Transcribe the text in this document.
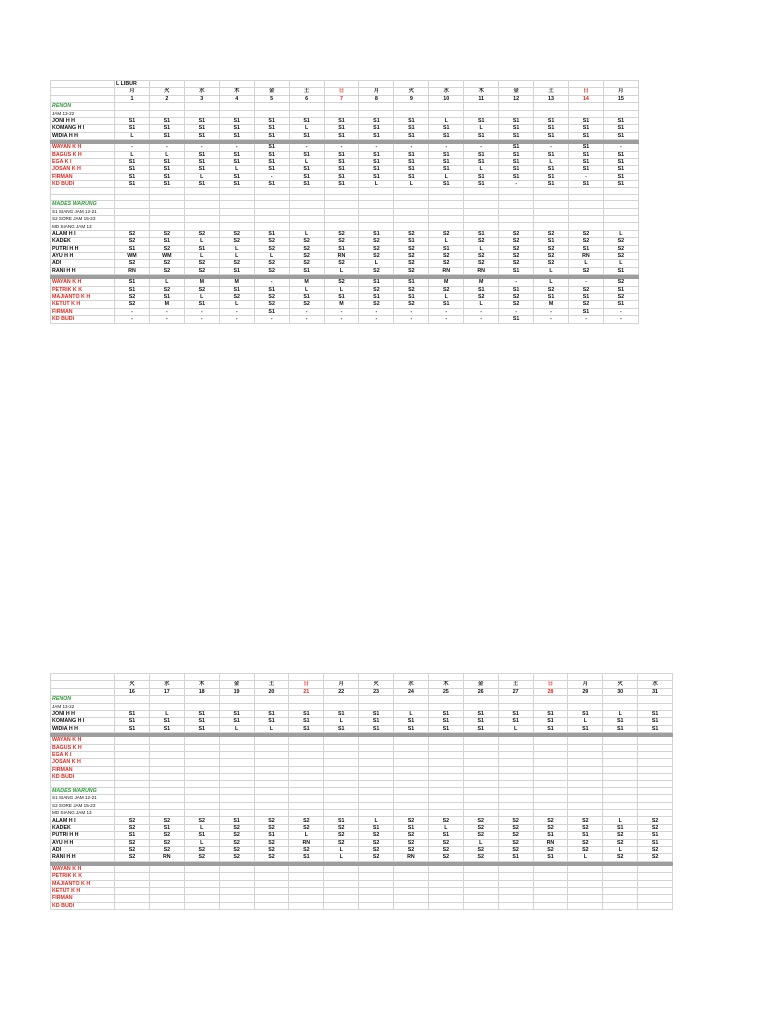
	L LIBUR														
	月	火	水	木	金	土	日	月	火	水	木	金	土	日	月
	1	2	3	4	5	6	7	8	9	10	11	12	13	14	15
RENON															
JAM 13-22															
JONI H H	S1	S1	S1	S1	S1	S1	S1	S1	S1	L	S1	S1	S1	S1	S1
KOMANG H I	S1	S1	S1	S1	S1	L	S1	S1	S1	S1	L	S1	S1	S1	S1
WIDIA H H	L	S1	S1	S1	S1	S1	S1	S1	S1	S1	S1	S1	S1	S1	S1

WAYAN K H	-	-	-	-	S1	-	-	-	-	-	-	S1	-	S1	-
BAGUS K H	L	L	S1	S1	S1	S1	S1	S1	S1	S1	S1	S1	S1	S1	S1
EGA K I	S1	S1	S1	S1	S1	L	S1	S1	S1	S1	S1	S1	L	S1	S1
JOSAN K H	S1	S1	S1	L	S1	S1	S1	S1	S1	S1	L	S1	S1	S1	S1
FIRMAN	S1	S1	L	S1	-	S1	S1	S1	S1	L	S1	S1	S1	-	S1
KD BUDI	S1	S1	S1	S1	S1	S1	S1	L	L	S1	S1	-	S1	S1	S1

MADES WARUNG															
S1 SIANG JAM 12-21															
S2 SORE JAM 15-23															
MD SIANG JAM 13															
ALAM H I	S2	S2	S2	S2	S1	L	S2	S1	S2	S2	S1	S2	S2	S2	L
KADEK	S2	S1	L	S2	S2	S2	S2	S2	S1	L	S2	S2	S1	S2	S2
PUTRI H H	S1	S2	S1	L	S2	S2	S1	S2	S2	S1	L	S2	S2	S1	S2
AYU H H	WM	WM	L	L	L	S2	RN	S2	S2	S2	S2	S2	S2	RN	S2
ADI	S2	S2	S2	S2	S2	S2	S2	L	S2	S2	S2	S2	S2	L	L
RANI H H	RN	S2	S2	S1	S2	S1	L	S2	S2	RN	RN	S1	L	S2	S1

WAYAN K H	S1	L	M	M	-	M	S2	S1	S1	M	M	-	L	-	S2
PETRIK K K	S1	S2	S2	S1	S1	L	L	S2	S2	S2	S1	S1	S2	S2	S1
MAJIANTO K H	S2	S1	L	S2	S2	S1	S1	S1	S1	L	S2	S2	S1	S1	S2
KETUT K H	S2	M	S1	L	S2	S2	M	S2	S2	S1	L	S2	M	S2	S1
FIRMAN	-	-	-	-	S1	-	-	-	-	-	-	-	-	S1	-
KD BUDI	-	-	-	-	-	-	-	-	-	-	-	S1	-	-	-

	火	水	木	金	土	日	月	火	水	木	金	土	日	月	火	水
	16	17	18	19	20	21	22	23	24	25	26	27	28	29	30	31
RENON																
JAM 13-22																
JONI H H	S1	L	S1	S1	S1	S1	S1	S1	L	S1	S1	S1	S1	S1	L	S1
KOMANG H I	S1	S1	S1	S1	S1	S1	L	S1	S1	S1	S1	S1	S1	L	S1	S1
WIDIA H H	S1	S1	S1	L	L	S1	S1	S1	S1	S1	S1	L	S1	S1	S1	S1

WAYAN K H																
BAGUS K H																
EGA K I																
JOSAN K H																
FIRMAN																
KD BUDI																

MADES WARUNG																
S1 SIANG JAM 12-21																
S2 SORE JAM 15-23																
MD SIANG JAM 13																
ALAM H I	S2	S2	S2	S1	S2	S2	S1	L	S2	S2	S2	S2	S2	S2	L	S2
KADEK	S2	S1	L	S2	S2	S2	S2	S1	S1	L	S2	S2	S2	S2	S1	S2
PUTRI H H	S1	S2	S1	S2	S1	L	S2	S2	S2	S1	S2	S2	S1	S1	S2	S1
AYU H H	S2	S2	L	S2	S2	RN	S2	S2	S2	S2	L	S2	RN	S2	S2	S1
ADI	S2	S2	S2	S2	S2	S2	L	S2	S2	S2	S2	S2	S2	S2	L	S2
RANI H H	S2	RN	S2	S2	S2	S1	L	S2	RN	S2	S2	S1	S1	L	S2	S2

WAYAN K H																
PETRIK K K																
MAJIANTO K H																
KETUT K H																
FIRMAN																
KD BUDI																
